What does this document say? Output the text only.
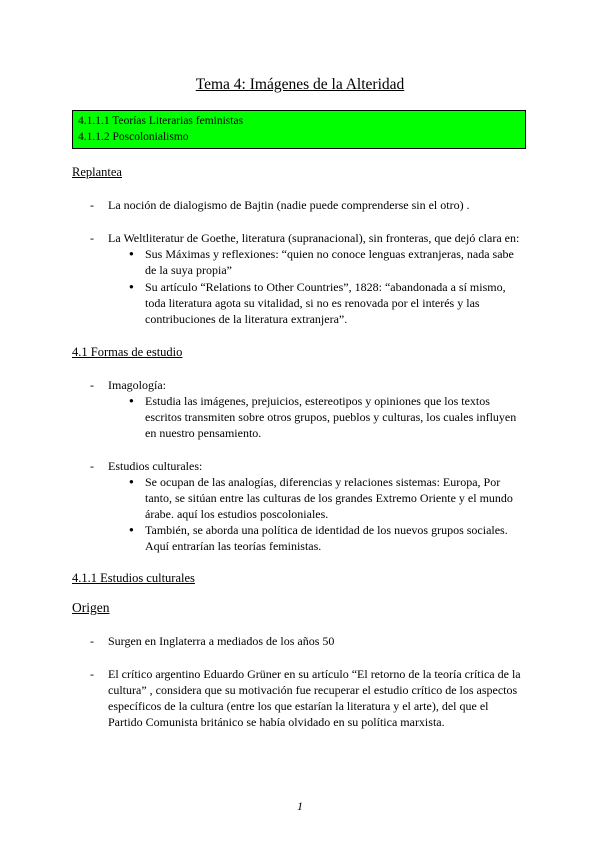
Tema 4: Imágenes de la Alteridad
4.1.1.1 Teorías Literarias feministas
4.1.1.2 Poscolonialismo
Replantea
- La noción de dialogismo de Bajtin (nadie puede comprenderse sin el otro) .
- La Weltliteratur de Goethe, literatura (supranacional), sin fronteras, que dejó clara en:
● Sus Máximas y reflexiones: “quien no conoce lenguas extranjeras, nada sabe
de la suya propia”
● Su artículo “Relations to Other Countries”, 1828: “abandonada a sí mismo,
toda literatura agota su vitalidad, si no es renovada por el interés y las
contribuciones de la literatura extranjera”.
4.1 Formas de estudio
- Imagología:
● Estudia las imágenes, prejuicios, estereotipos y opiniones que los textos
escritos transmiten sobre otros grupos, pueblos y culturas, los cuales influyen
en nuestro pensamiento.
- Estudios culturales:
● Se ocupan de las analogías, diferencias y relaciones sistemas: Europa, Por
tanto, se sitúan entre las culturas de los grandes Extremo Oriente y el mundo
árabe. aquí los estudios poscoloniales.
● También, se aborda una política de identidad de los nuevos grupos sociales.
Aquí entrarían las teorías feministas.
4.1.1 Estudios culturales
Origen
- Surgen en Inglaterra a mediados de los años 50
- El crítico argentino Eduardo Grüner en su artículo “El retorno de la teoría crítica de la
cultura” , considera que su motivación fue recuperar el estudio crítico de los aspectos
específicos de la cultura (entre los que estarían la literatura y el arte), del que el
Partido Comunista británico se había olvidado en su política marxista.
1
